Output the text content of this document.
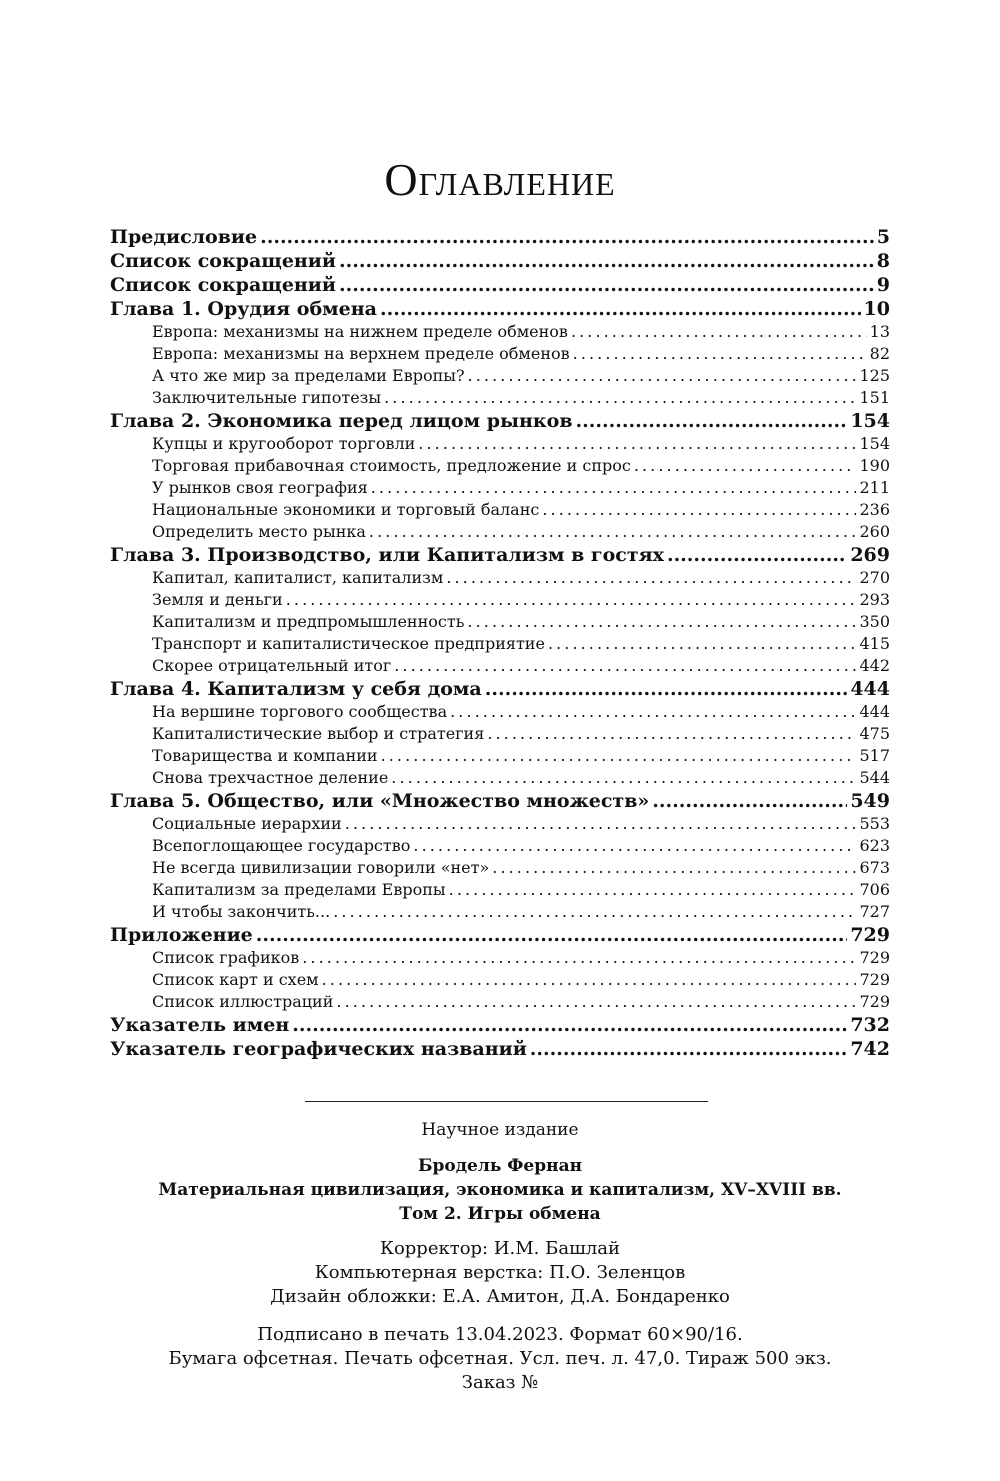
Оглавление
Предисловие .....	5
Список сокращений .....	8
Список сокращений .....	9
Глава 1. Орудия обмена .....	10
Европа: механизмы на нижнем пределе обменов . . .	13
Европа: механизмы на верхнем пределе обменов . . .	82
А что же мир за пределами Европы? . . .	125
Заключительные гипотезы . . .	151
Глава 2. Экономика перед лицом рынков .....	154
Купцы и кругооборот торговли . . .	154
Торговая прибавочная стоимость, предложение и спрос . . .	190
У рынков своя география . . .	211
Национальные экономики и торговый баланс . . .	236
Определить место рынка . . .	260
Глава 3. Производство, или Капитализм в гостях .....	269
Капитал, капиталист, капитализм . . .	270
Земля и деньги . . .	293
Капитализм и предпромышленность . . .	350
Транспорт и капиталистическое предприятие . . .	415
Скорее отрицательный итог . . .	442
Глава 4. Капитализм у себя дома .....	444
На вершине торгового сообщества . . .	444
Капиталистические выбор и стратегия . . .	475
Товарищества и компании . . .	517
Снова трехчастное деление . . .	544
Глава 5. Общество, или «Множество множеств» .....	549
Социальные иерархии . . .	553
Всепоглощающее государство . . .	623
Не всегда цивилизации говорили «нет» . . .	673
Капитализм за пределами Европы . . .	706
И чтобы закончить... . . .	727
Приложение .....	729
Список графиков . . .	729
Список карт и схем . . .	729
Список иллюстраций . . .	729
Указатель имен .....	732
Указатель географических названий .....	742

Научное издание

Бродель Фернан

Материальная цивилизация, экономика и капитализм, XV–XVIII вв.

Том 2. Игры обмена

Корректор: И.М. Башлай
Компьютерная верстка: П.О. Зеленцов
Дизайн обложки: Е.А. Амитон, Д.А. Бондаренко
Подписано в печать 13.04.2023. Формат 60×90/16.
Бумага офсетная. Печать офсетная. Усл. печ. л. 47,0. Тираж 500 экз.
Заказ №
